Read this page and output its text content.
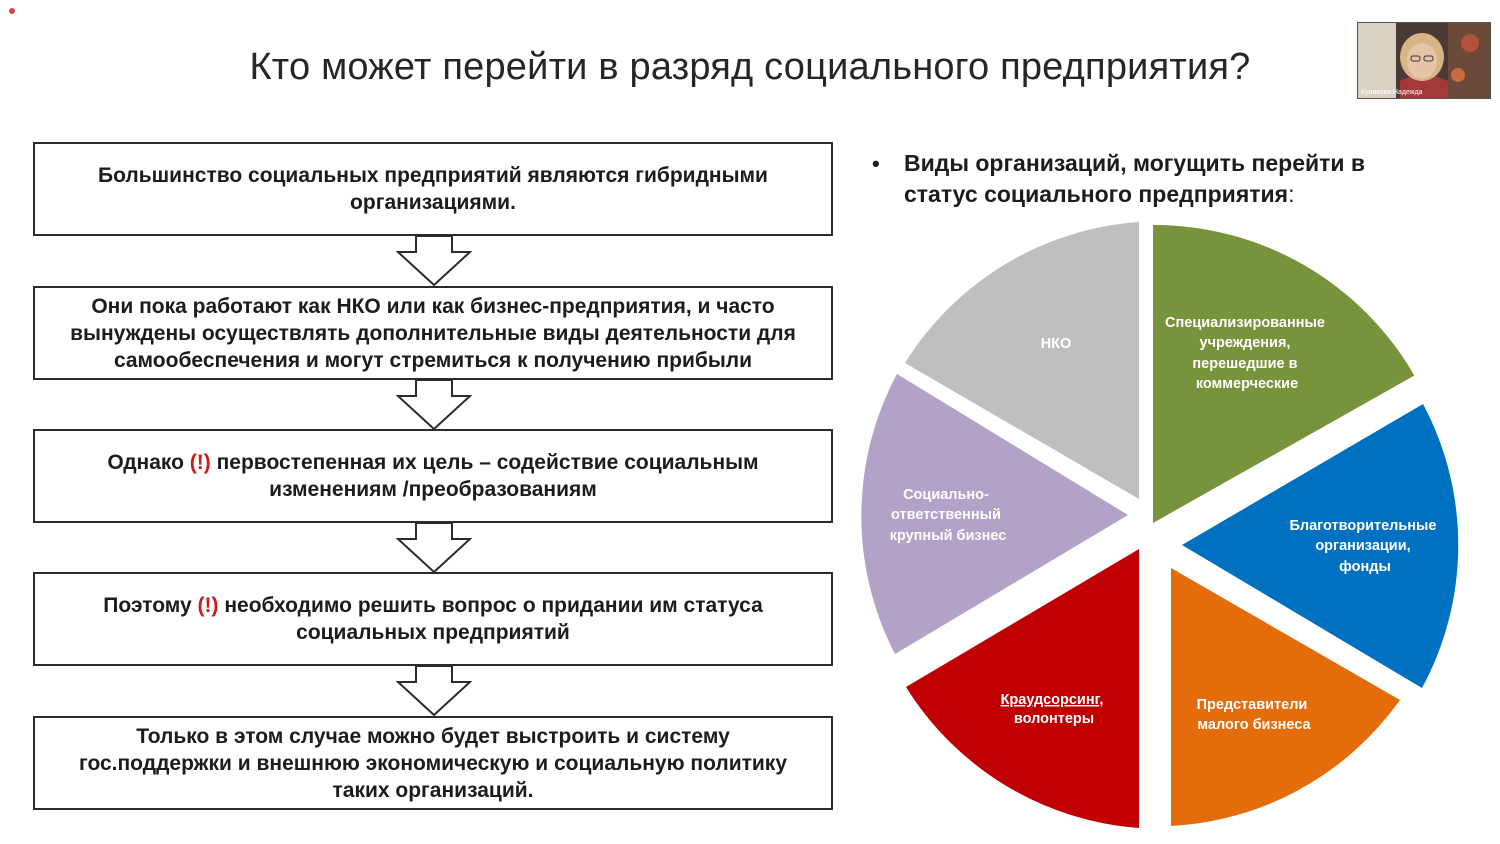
Кто может перейти в разряд социального предприятия?
Большинство социальных предприятий являются гибридными
организациями.
Они пока работают как НКО или как бизнес-предприятия, и часто
вынуждены осуществлять дополнительные виды деятельности для
самообеспечения и могут стремиться к получению прибыли
Однако (!) первостепенная их цель – содействие социальным
изменениям /преобразованиям
Поэтому (!) необходимо решить вопрос о придании им статуса
социальных предприятий
Только в этом случае можно будет выстроить и систему
гос.поддержки и внешнюю экономическую и социальную политику
таких организаций.
•	Виды организаций, могущить перейти в
статус социального предприятия:
Специализированные учреждения, перешедшие в коммерческие
Благотворительные организации, фонды
Представители малого бизнеса
Краудсорсинг, волонтеры
Социально- ответственный крупный бизнес
НКО
Куликова Надежда
